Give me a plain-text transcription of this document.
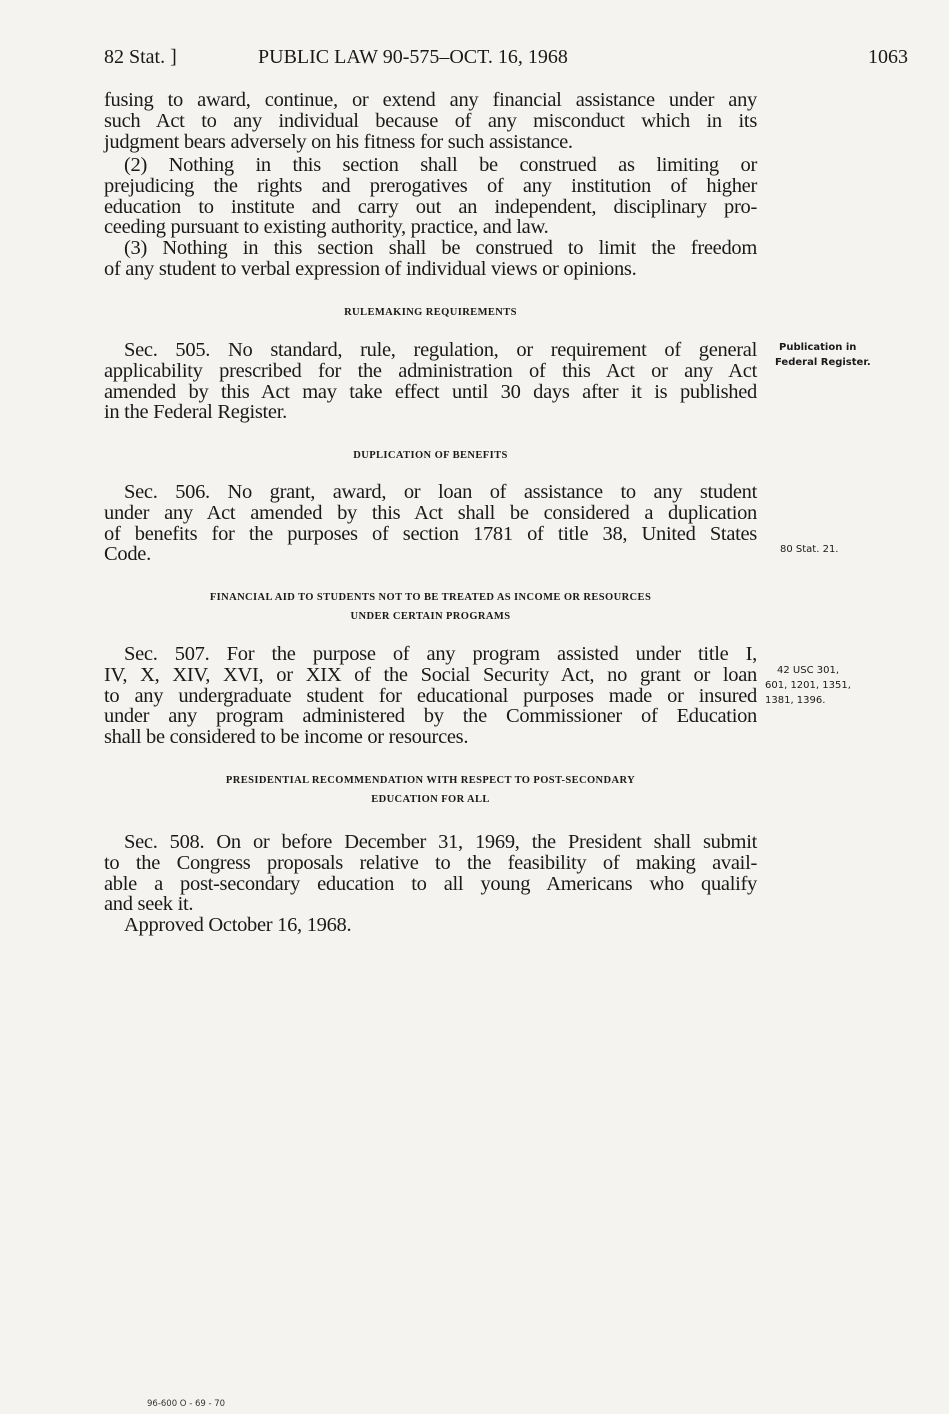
82 Stat. ]	PUBLIC LAW 90-575–OCT. 16, 1968	1063
fusing to award, continue, or extend any financial assistance under any
such Act to any individual because of any misconduct which in its
judgment bears adversely on his fitness for such assistance.
(2) Nothing in this section shall be construed as limiting or
prejudicing the rights and prerogatives of any institution of higher
education to institute and carry out an independent, disciplinary pro-
ceeding pursuant to existing authority, practice, and law.
(3) Nothing in this section shall be construed to limit the freedom
of any student to verbal expression of individual views or opinions.
RULEMAKING REQUIREMENTS
Sec. 505. No standard, rule, regulation, or requirement of general
applicability prescribed for the administration of this Act or any Act
amended by this Act may take effect until 30 days after it is published
in the Federal Register.
DUPLICATION OF BENEFITS
Sec. 506. No grant, award, or loan of assistance to any student
under any Act amended by this Act shall be considered a duplication
of benefits for the purposes of section 1781 of title 38, United States
Code.
FINANCIAL AID TO STUDENTS NOT TO BE TREATED AS INCOME OR RESOURCES
UNDER CERTAIN PROGRAMS
Sec. 507. For the purpose of any program assisted under title I,
IV, X, XIV, XVI, or XIX of the Social Security Act, no grant or loan
to any undergraduate student for educational purposes made or insured
under any program administered by the Commissioner of Education
shall be considered to be income or resources.
PRESIDENTIAL RECOMMENDATION WITH RESPECT TO POST-SECONDARY
EDUCATION FOR ALL
Sec. 508. On or before December 31, 1969, the President shall submit
to the Congress proposals relative to the feasibility of making avail-
able a post-secondary education to all young Americans who qualify
and seek it.
Approved October 16, 1968.
Publication in
Federal Register.
80 Stat. 21.
42 USC 301,
601, 1201, 1351,
1381, 1396.
96-600 O - 69 - 70
